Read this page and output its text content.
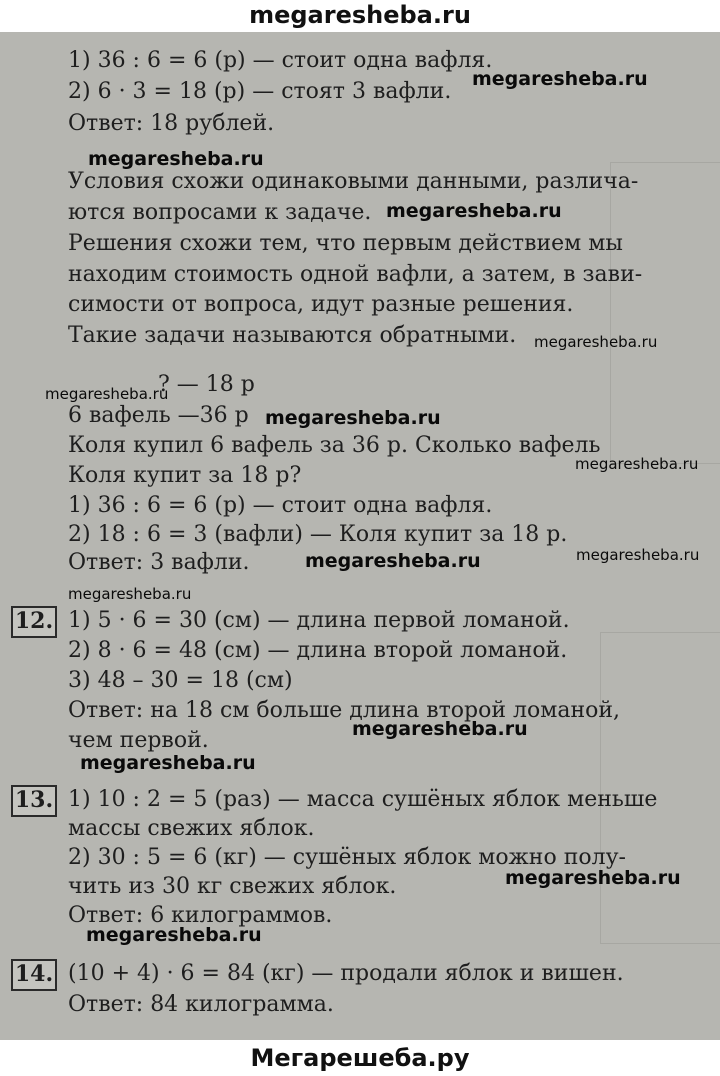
megaresheba.ru
1) 36 : 6 = 6 (р) — стоит одна вафля.
2) 6 · 3 = 18 (р) — стоят 3 вафли.
Ответ: 18 рублей.
Условия схожи одинаковыми данными, различа-
ются вопросами к задаче.
Решения схожи тем, что первым действием мы
находим стоимость одной вафли, а затем, в зави-
симости от вопроса, идут разные решения.
Такие задачи называются обратными.
? — 18 р
6 вафель —36 р
Коля купил 6 вафель за 36 р. Сколько вафель
Коля купит за 18 р?
1) 36 : 6 = 6 (р) — стоит одна вафля.
2) 18 : 6 = 3 (вафли) — Коля купит за 18 р.
Ответ: 3 вафли.
12. 1) 5 · 6 = 30 (см) — длина первой ломаной.
2) 8 · 6 = 48 (см) — длина второй ломаной.
3) 48 – 30 = 18 (см)
Ответ: на 18 см больше длина второй ломаной,
чем первой.
13. 1) 10 : 2 = 5 (раз) — масса сушёных яблок меньше
массы свежих яблок.
2) 30 : 5 = 6 (кг) — сушёных яблок можно полу-
чить из 30 кг свежих яблок.
Ответ: 6 килограммов.
14. (10 + 4) · 6 = 84 (кг) — продали яблок и вишен.
Ответ: 84 килограмма.
megaresheba.ru
megaresheba.ru
megaresheba.ru
megaresheba.ru
megaresheba.ru
megaresheba.ru
megaresheba.ru
megaresheba.ru	megaresheba.ru
megaresheba.ru
megaresheba.ru
megaresheba.ru
megaresheba.ru
megaresheba.ru
Мегарешеба.ру
